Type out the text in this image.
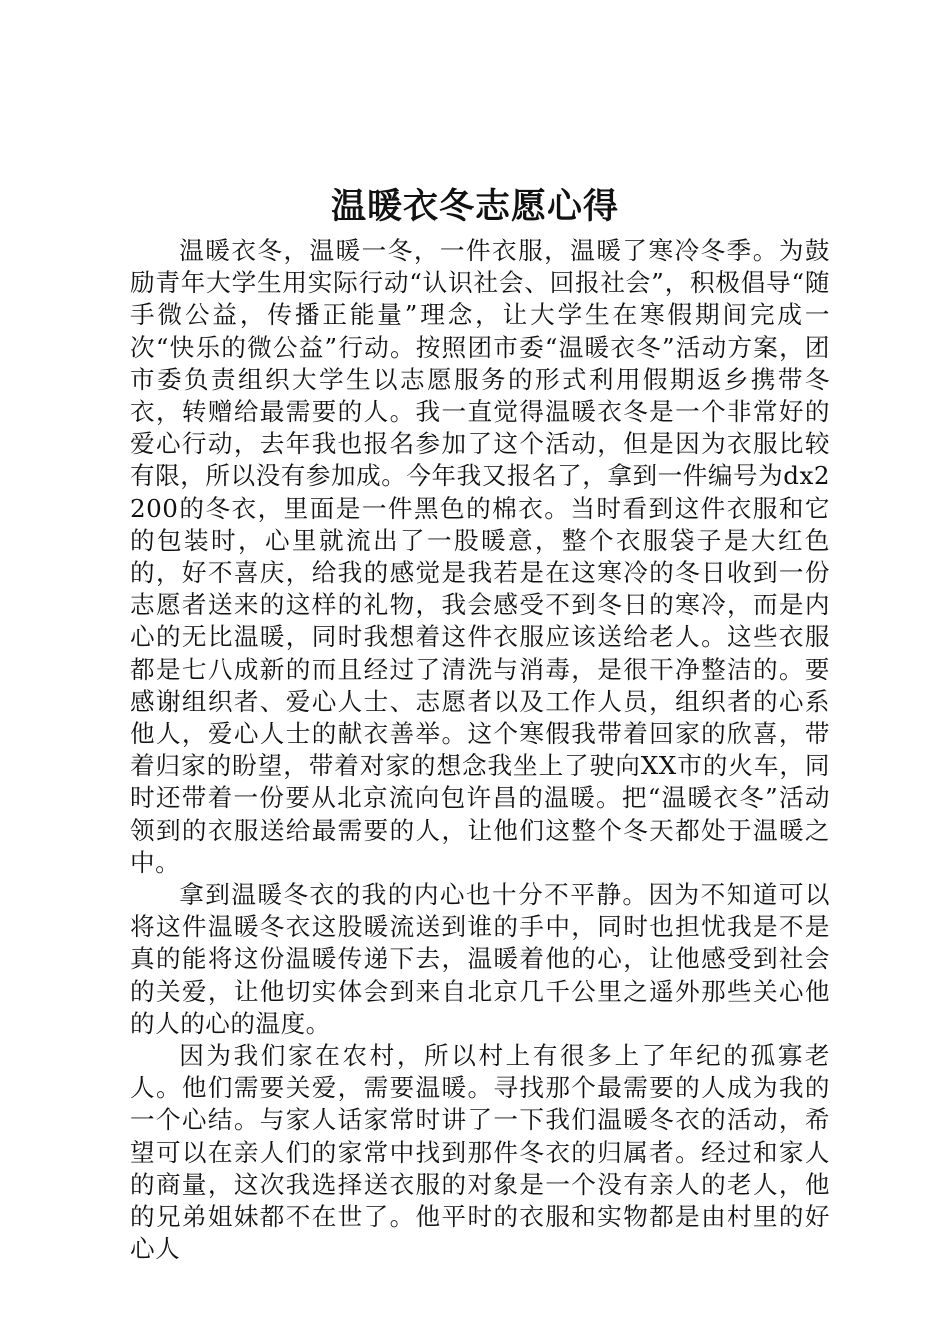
温暖衣冬志愿心得

温暖衣冬，温暖一冬，一件衣服，温暖了寒冷冬季。为鼓励青年大学生用实际行动“认识社会、回报社会”，积极倡导“随手微公益，传播正能量”理念，让大学生在寒假期间完成一次“快乐的微公益”行动。按照团市委“温暖衣冬”活动方案，团市委负责组织大学生以志愿服务的形式利用假期返乡携带冬衣，转赠给最需要的人。我一直觉得温暖衣冬是一个非常好的爱心行动，去年我也报名参加了这个活动，但是因为衣服比较有限，所以没有参加成。今年我又报名了，拿到一件编号为dx2200的冬衣，里面是一件黑色的棉衣。当时看到这件衣服和它的包装时，心里就流出了一股暖意，整个衣服袋子是大红色的，好不喜庆，给我的感觉是我若是在这寒冷的冬日收到一份志愿者送来的这样的礼物，我会感受不到冬日的寒冷，而是内心的无比温暖，同时我想着这件衣服应该送给老人。这些衣服都是七八成新的而且经过了清洗与消毒，是很干净整洁的。要感谢组织者、爱心人士、志愿者以及工作人员，组织者的心系他人，爱心人士的献衣善举。这个寒假我带着回家的欣喜，带着归家的盼望，带着对家的想念我坐上了驶向XX市的火车，同时还带着一份要从北京流向包许昌的温暖。把“温暖衣冬”活动领到的衣服送给最需要的人，让他们这整个冬天都处于温暖之中。

拿到温暖冬衣的我的内心也十分不平静。因为不知道可以将这件温暖冬衣这股暖流送到谁的手中，同时也担忧我是不是真的能将这份温暖传递下去，温暖着他的心，让他感受到社会的关爱，让他切实体会到来自北京几千公里之遥外那些关心他的人的心的温度。

因为我们家在农村，所以村上有很多上了年纪的孤寡老人。他们需要关爱，需要温暖。寻找那个最需要的人成为我的一个心结。与家人话家常时讲了一下我们温暖冬衣的活动，希望可以在亲人们的家常中找到那件冬衣的归属者。经过和家人的商量，这次我选择送衣服的对象是一个没有亲人的老人，他的兄弟姐妹都不在世了。他平时的衣服和实物都是由村里的好心人
